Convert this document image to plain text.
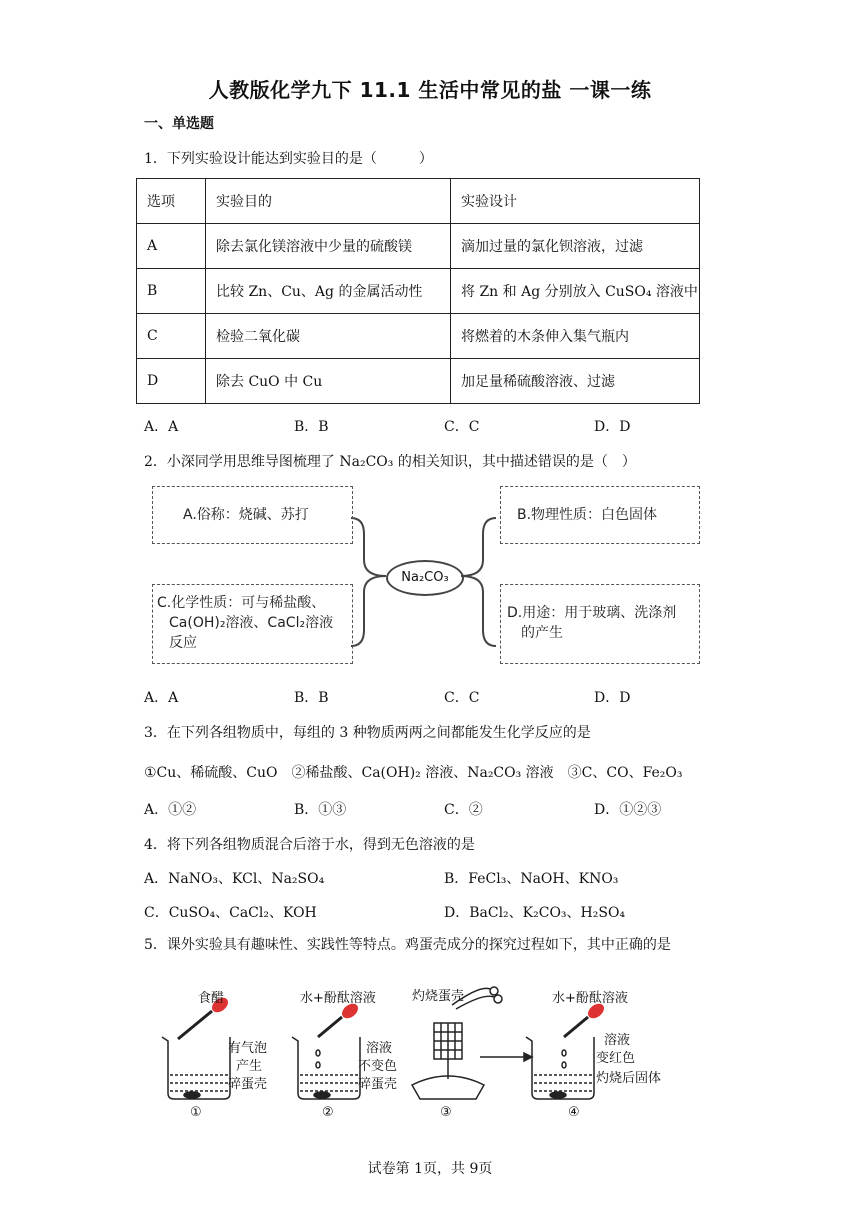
人教版化学九下 11.1 生活中常见的盐 一课一练
一、单选题
1．下列实验设计能达到实验目的是（　　　）
选项	实验目的	实验设计
A	除去氯化镁溶液中少量的硫酸镁	滴加过量的氯化钡溶液，过滤
B	比较 Zn、Cu、Ag 的金属活动性	将 Zn 和 Ag 分别放入 CuSO₄ 溶液中
C	检验二氧化碳	将燃着的木条伸入集气瓶内
D	除去 CuO 中 Cu	加足量稀硫酸溶液、过滤
A．A	B．B	C．C	D．D
2．小深同学用思维导图梳理了 Na₂CO₃ 的相关知识，其中描述错误的是（　）
A.俗称：烧碱、苏打	B.物理性质：白色固体
C.化学性质：可与稀盐酸、
Ca(OH)₂溶液、CaCl₂溶液
反应
D.用途：用于玻璃、洗涤剂
的产生
Na₂CO₃
A．A	B．B	C．C	D．D
3．在下列各组物质中，每组的 3 种物质两两之间都能发生化学反应的是
①Cu、稀硫酸、CuO　②稀盐酸、Ca(OH)₂ 溶液、Na₂CO₃ 溶液　③C、CO、Fe₂O₃
A．①②	B．①③	C．②	D．①②③
4．将下列各组物质混合后溶于水，得到无色溶液的是
A．NaNO₃、KCl、Na₂SO₄	B．FeCl₃、NaOH、KNO₃
C．CuSO₄、CaCl₂、KOH	D．BaCl₂、K₂CO₃、H₂SO₄
5．课外实验具有趣味性、实践性等特点。鸡蛋壳成分的探究过程如下，其中正确的是
食醋
有气泡
产生
碎蛋壳
①
水+酚酞溶液
溶液
不变色
碎蛋壳
②
灼烧蛋壳
③
水+酚酞溶液
溶液
变红色
灼烧后固体
④
试卷第 1页，共 9页
